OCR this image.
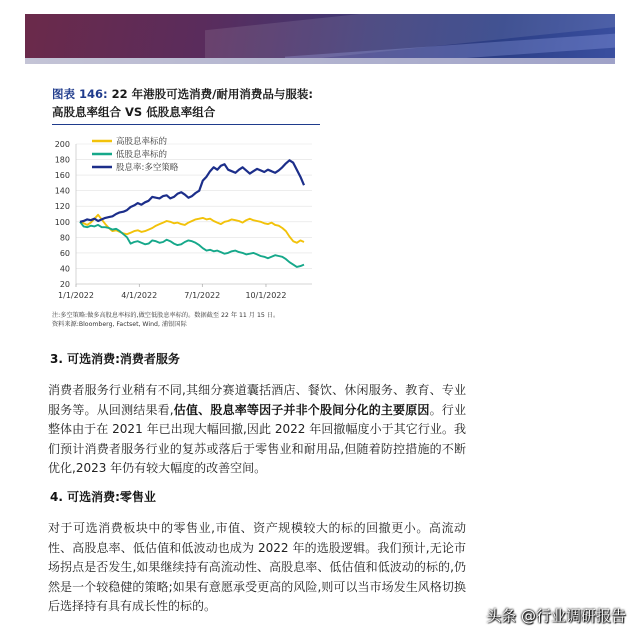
图表 146: 22 年港股可选消费/耐用消费品与服装:
高股息率组合 VS 低股息率组合
20
40
60
80
100
120
140
160
180
200
1/1/2022	4/1/2022	7/1/2022	10/1/2022
高股息率标的
低股息率标的
股息率:多空策略
注:多空策略:做多高股息率标的,做空低股息率标的。数据截至 22 年 11 月 15 日。
资料来源:Bloomberg, Factset, Wind, 浦银国际
3. 可选消费:消费者服务
消费者服务行业稍有不同,其细分赛道囊括酒店、餐饮、休闲服务、教育、专业服务等。从回测结果看,估值、股息率等因子并非个股间分化的主要原因。行业整体由于在 2021 年已出现大幅回撤,因此 2022 年回撤幅度小于其它行业。我们预计消费者服务行业的复苏或落后于零售业和耐用品,但随着防控措施的不断优化,2023 年仍有较大幅度的改善空间。
4. 可选消费:零售业
对于可选消费板块中的零售业,市值、资产规模较大的标的回撤更小。高流动性、高股息率、低估值和低波动也成为 2022 年的选股逻辑。我们预计,无论市场拐点是否发生,如果继续持有高流动性、高股息率、低估值和低波动的标的,仍然是一个较稳健的策略;如果有意愿承受更高的风险,则可以当市场发生风格切换后选择持有具有成长性的标的。
头条 @行业调研报告
